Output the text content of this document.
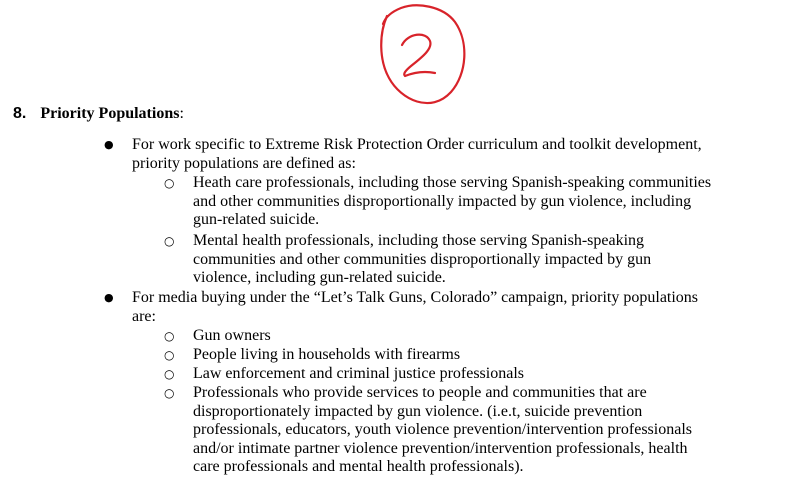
8. Priority Populations:
● For work specific to Extreme Risk Protection Order curriculum and toolkit development,
priority populations are defined as:
○ Heath care professionals, including those serving Spanish-speaking communities
and other communities disproportionally impacted by gun violence, including
gun-related suicide.
○ Mental health professionals, including those serving Spanish-speaking
communities and other communities disproportionally impacted by gun
violence, including gun-related suicide.
● For media buying under the “Let’s Talk Guns, Colorado” campaign, priority populations
are:
○ Gun owners
○ People living in households with firearms
○ Law enforcement and criminal justice professionals
○ Professionals who provide services to people and communities that are
disproportionately impacted by gun violence. (i.e.t, suicide prevention
professionals, educators, youth violence prevention/intervention professionals
and/or intimate partner violence prevention/intervention professionals, health
care professionals and mental health professionals).
